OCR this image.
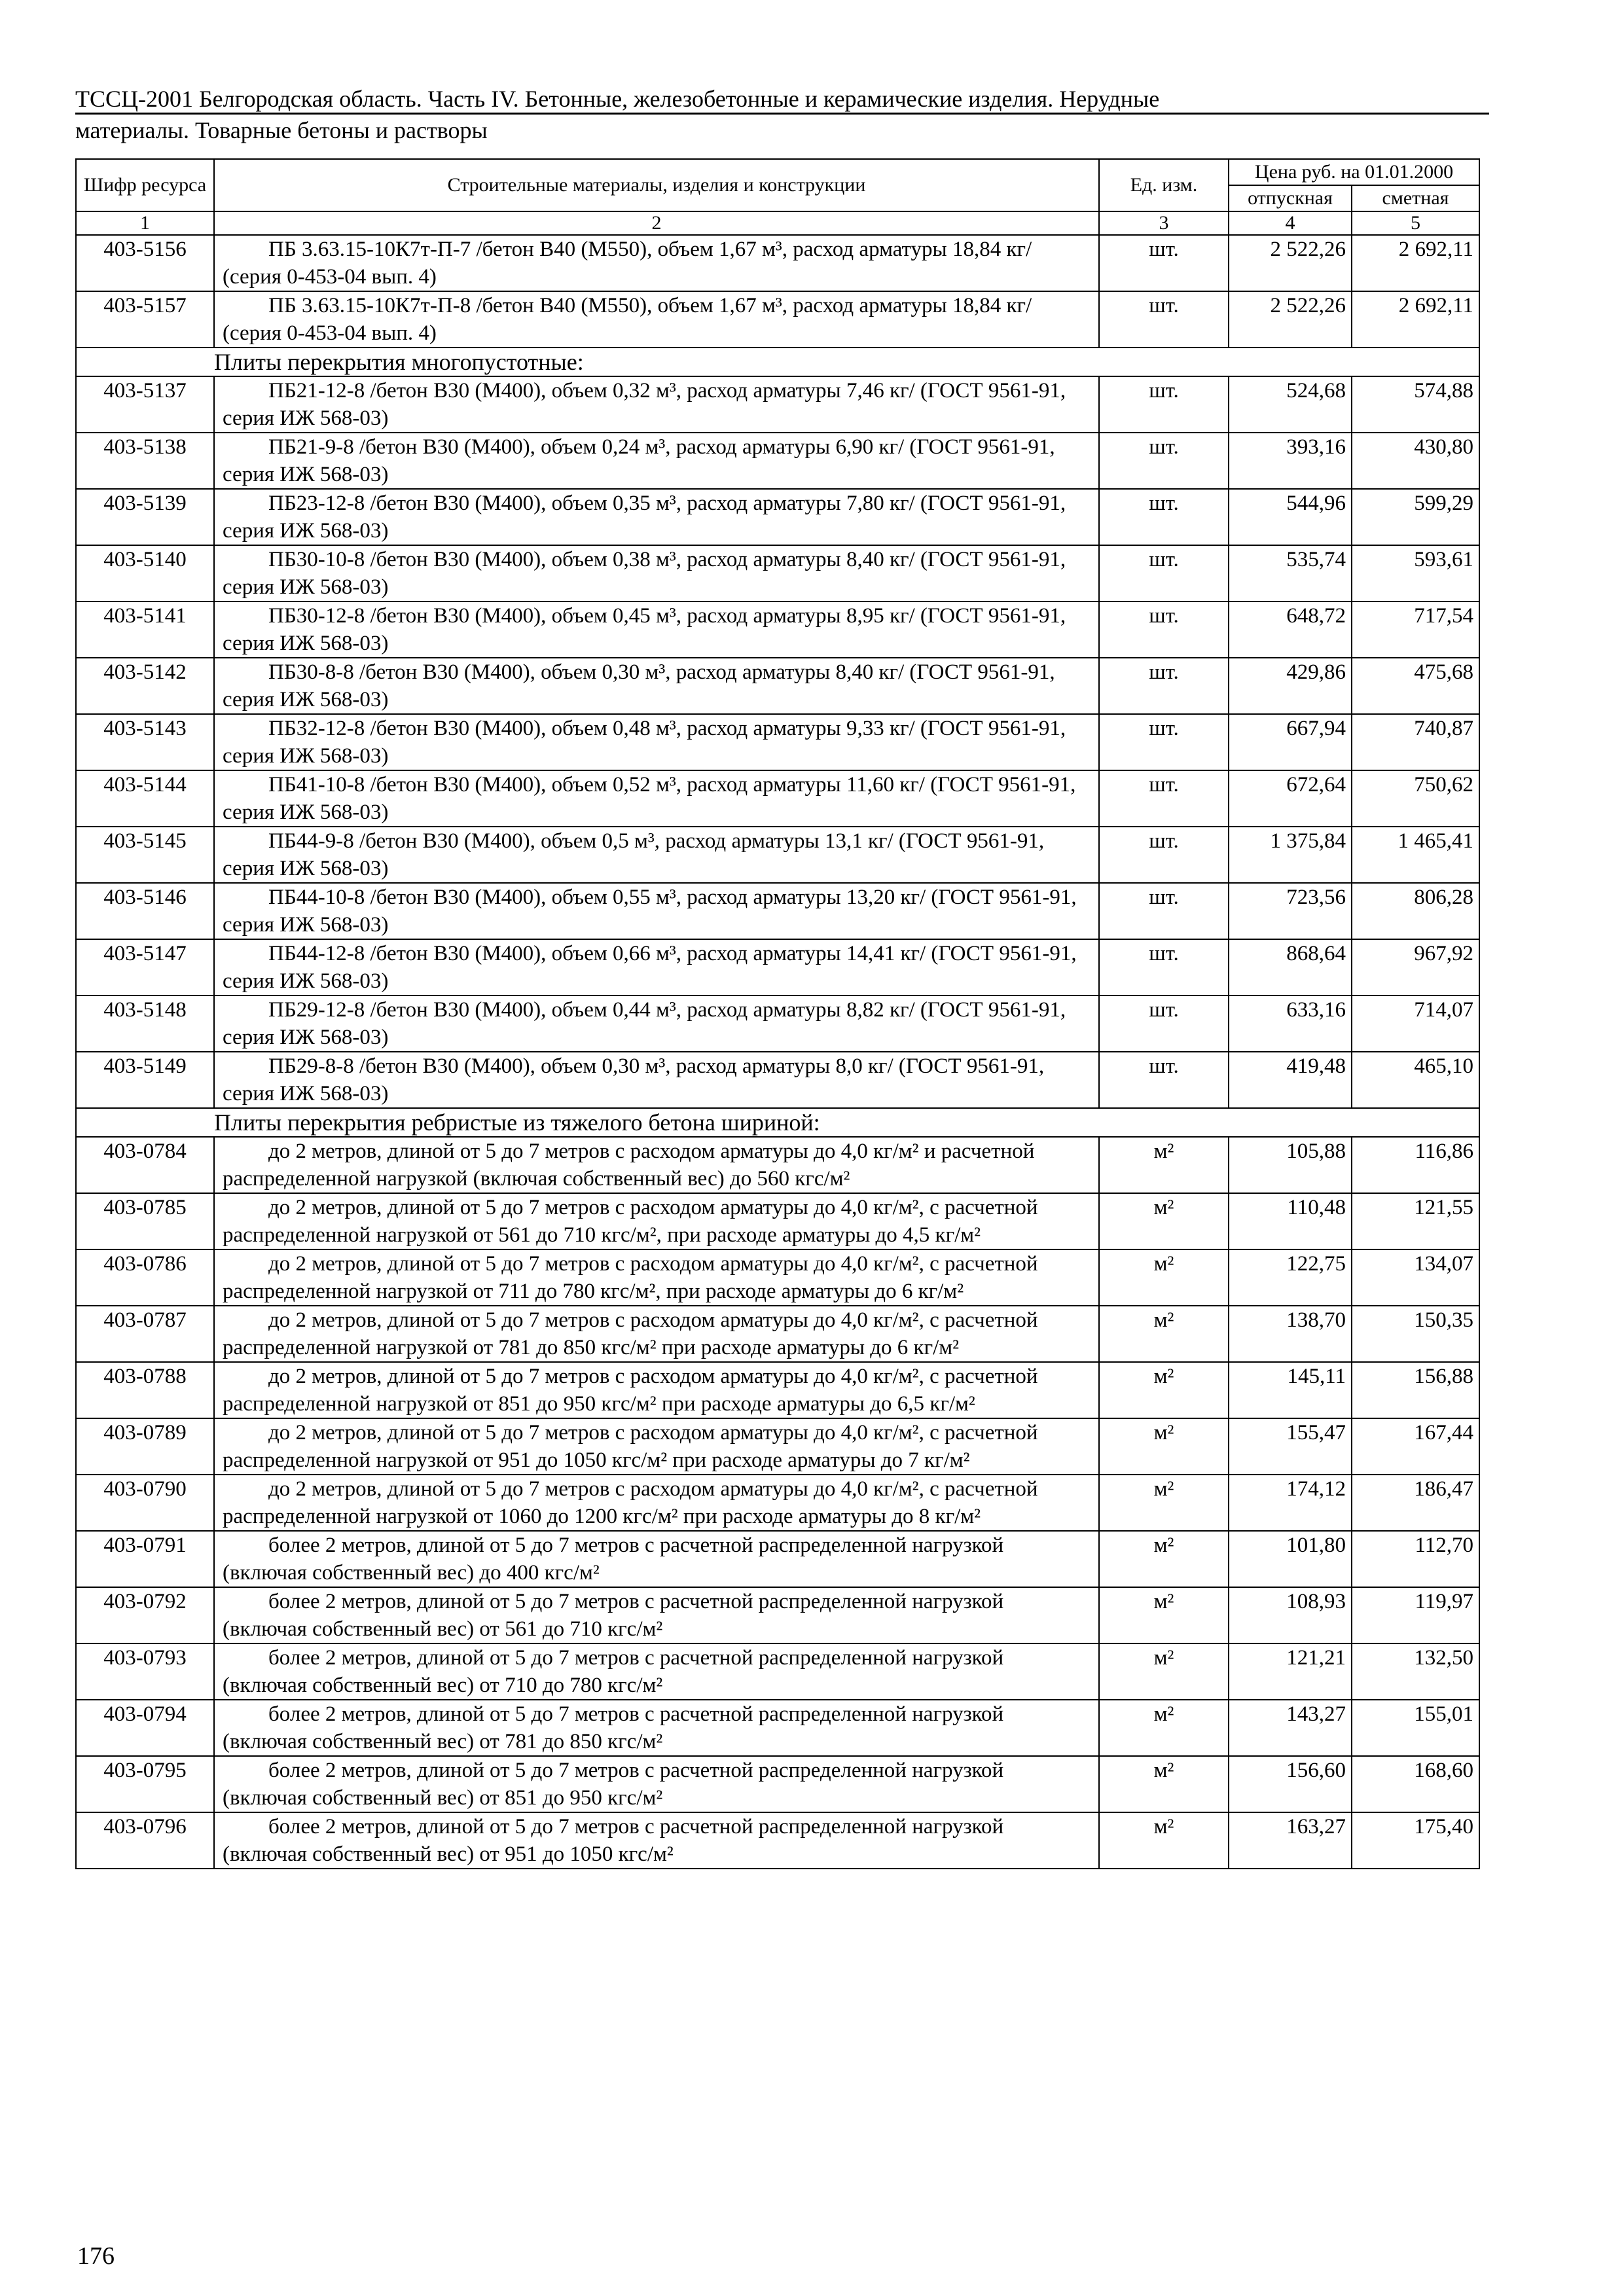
ТССЦ-2001 Белгородская область. Часть IV. Бетонные, железобетонные и керамические изделия. Нерудные
материалы. Товарные бетоны и растворы
Шифр ресурса	Строительные материалы, изделия и конструкции	Ед. изм.	Цена руб. на 01.01.2000	
			отпускная	сметная
1	2	3	4	5
403-5156	ПБ 3.63.15-10К7т-П-7 /бетон В40 (М550), объем 1,67 м³, расход арматуры 18,84 кг/ (серия 0-453-04 вып. 4)	шт.	2 522,26	2 692,11
403-5157	ПБ 3.63.15-10К7т-П-8 /бетон В40 (М550), объем 1,67 м³, расход арматуры 18,84 кг/ (серия 0-453-04 вып. 4)	шт.	2 522,26	2 692,11
Плиты перекрытия многопустотные:				
403-5137	ПБ21-12-8 /бетон В30 (М400), объем 0,32 м³, расход арматуры 7,46 кг/ (ГОСТ 9561-91, серия ИЖ 568-03)	шт.	524,68	574,88
403-5138	ПБ21-9-8 /бетон В30 (М400), объем 0,24 м³, расход арматуры 6,90 кг/ (ГОСТ 9561-91, серия ИЖ 568-03)	шт.	393,16	430,80
403-5139	ПБ23-12-8 /бетон В30 (М400), объем 0,35 м³, расход арматуры 7,80 кг/ (ГОСТ 9561-91, серия ИЖ 568-03)	шт.	544,96	599,29
403-5140	ПБ30-10-8 /бетон В30 (М400), объем 0,38 м³, расход арматуры 8,40 кг/ (ГОСТ 9561-91, серия ИЖ 568-03)	шт.	535,74	593,61
403-5141	ПБ30-12-8 /бетон В30 (М400), объем 0,45 м³, расход арматуры 8,95 кг/ (ГОСТ 9561-91, серия ИЖ 568-03)	шт.	648,72	717,54
403-5142	ПБ30-8-8 /бетон В30 (М400), объем 0,30 м³, расход арматуры 8,40 кг/ (ГОСТ 9561-91, серия ИЖ 568-03)	шт.	429,86	475,68
403-5143	ПБ32-12-8 /бетон В30 (М400), объем 0,48 м³, расход арматуры 9,33 кг/ (ГОСТ 9561-91, серия ИЖ 568-03)	шт.	667,94	740,87
403-5144	ПБ41-10-8 /бетон В30 (М400), объем 0,52 м³, расход арматуры 11,60 кг/ (ГОСТ 9561-91, серия ИЖ 568-03)	шт.	672,64	750,62
403-5145	ПБ44-9-8 /бетон В30 (М400), объем 0,5 м³, расход арматуры 13,1 кг/ (ГОСТ 9561-91, серия ИЖ 568-03)	шт.	1 375,84	1 465,41
403-5146	ПБ44-10-8 /бетон В30 (М400), объем 0,55 м³, расход арматуры 13,20 кг/ (ГОСТ 9561-91, серия ИЖ 568-03)	шт.	723,56	806,28
403-5147	ПБ44-12-8 /бетон В30 (М400), объем 0,66 м³, расход арматуры 14,41 кг/ (ГОСТ 9561-91, серия ИЖ 568-03)	шт.	868,64	967,92
403-5148	ПБ29-12-8 /бетон В30 (М400), объем 0,44 м³, расход арматуры 8,82 кг/ (ГОСТ 9561-91, серия ИЖ 568-03)	шт.	633,16	714,07
403-5149	ПБ29-8-8 /бетон В30 (М400), объем 0,30 м³, расход арматуры 8,0 кг/ (ГОСТ 9561-91, серия ИЖ 568-03)	шт.	419,48	465,10
Плиты перекрытия ребристые из тяжелого бетона шириной:				
403-0784	до 2 метров, длиной от 5 до 7 метров с расходом арматуры до 4,0 кг/м² и расчетной распределенной нагрузкой (включая собственный вес) до 560 кгс/м²	м²	105,88	116,86
403-0785	до 2 метров, длиной от 5 до 7 метров с расходом арматуры до 4,0 кг/м², с расчетной распределенной нагрузкой от 561 до 710 кгс/м², при расходе арматуры до 4,5 кг/м²	м²	110,48	121,55
403-0786	до 2 метров, длиной от 5 до 7 метров с расходом арматуры до 4,0 кг/м², с расчетной распределенной нагрузкой от 711 до 780 кгс/м², при расходе арматуры до 6 кг/м²	м²	122,75	134,07
403-0787	до 2 метров, длиной от 5 до 7 метров с расходом арматуры до 4,0 кг/м², с расчетной распределенной нагрузкой от 781 до 850 кгс/м² при расходе арматуры до 6 кг/м²	м²	138,70	150,35
403-0788	до 2 метров, длиной от 5 до 7 метров с расходом арматуры до 4,0 кг/м², с расчетной распределенной нагрузкой от 851 до 950 кгс/м² при расходе арматуры до 6,5 кг/м²	м²	145,11	156,88
403-0789	до 2 метров, длиной от 5 до 7 метров с расходом арматуры до 4,0 кг/м², с расчетной распределенной нагрузкой от 951 до 1050 кгс/м² при расходе арматуры до 7 кг/м²	м²	155,47	167,44
403-0790	до 2 метров, длиной от 5 до 7 метров с расходом арматуры до 4,0 кг/м², с расчетной распределенной нагрузкой от 1060 до 1200 кгс/м² при расходе арматуры до 8 кг/м²	м²	174,12	186,47
403-0791	более 2 метров, длиной от 5 до 7 метров с расчетной распределенной нагрузкой (включая собственный вес) до 400 кгс/м²	м²	101,80	112,70
403-0792	более 2 метров, длиной от 5 до 7 метров с расчетной распределенной нагрузкой (включая собственный вес) от 561 до 710 кгс/м²	м²	108,93	119,97
403-0793	более 2 метров, длиной от 5 до 7 метров с расчетной распределенной нагрузкой (включая собственный вес) от 710 до 780 кгс/м²	м²	121,21	132,50
403-0794	более 2 метров, длиной от 5 до 7 метров с расчетной распределенной нагрузкой (включая собственный вес) от 781 до 850 кгс/м²	м²	143,27	155,01
403-0795	более 2 метров, длиной от 5 до 7 метров с расчетной распределенной нагрузкой (включая собственный вес) от 851 до 950 кгс/м²	м²	156,60	168,60
403-0796	более 2 метров, длиной от 5 до 7 метров с расчетной распределенной нагрузкой (включая собственный вес) от 951 до 1050 кгс/м²	м²	163,27	175,40
176
